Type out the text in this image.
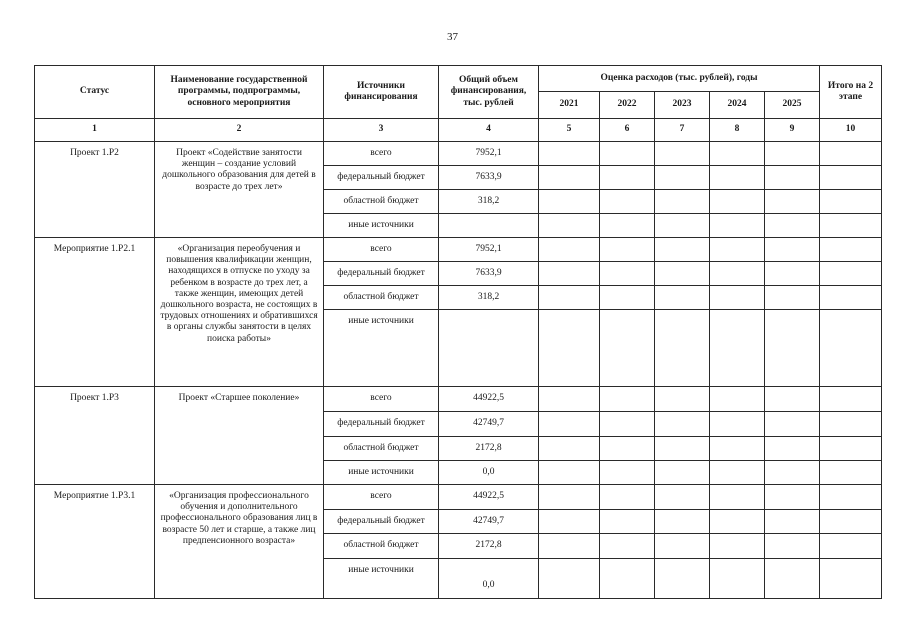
37
Статус	Наименование государственной программы, подпрограммы, основного мероприятия	Источники финансирования	Общий объем финансирования, тыс. рублей	Оценка расходов (тыс. рублей), годы					Итого на 2 этапе
				2021	2022	2023	2024	2025	
1	2	3	4	5	6	7	8	9	10
Проект 1.Р2	Проект «Содействие занятости женщин – создание условий дошкольного образования для детей в возрасте до трех лет»	всего	7952,1						
		федеральный бюджет	7633,9						
		областной бюджет	318,2						
		иные источники							
Мероприятие 1.Р2.1	«Организация переобучения и повышения квалификации женщин, находящихся в отпуске по уходу за ребенком в возрасте до трех лет, а также женщин, имеющих детей дошкольного возраста, не состоящих в трудовых отношениях и обратившихся в органы службы занятости в целях поиска работы»	всего	7952,1						
		федеральный бюджет	7633,9						
		областной бюджет	318,2						
		иные источники							
Проект 1.Р3	Проект «Старшее поколение»	всего	44922,5						
		федеральный бюджет	42749,7						
		областной бюджет	2172,8						
		иные источники	0,0						
Мероприятие 1.Р3.1	«Организация профессионального обучения и дополнительного профессионального образования лиц в возрасте 50 лет и старше, а также лиц предпенсионного возраста»	всего	44922,5						
		федеральный бюджет	42749,7						
		областной бюджет	2172,8						
		иные источники	0,0						
